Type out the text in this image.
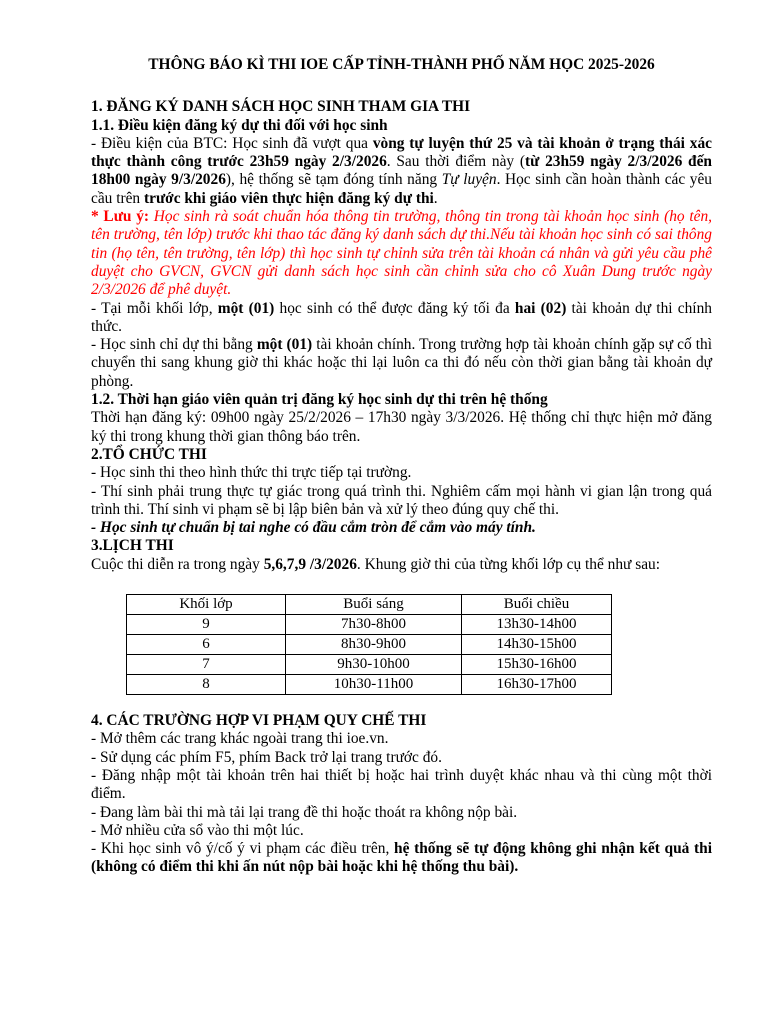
THÔNG BÁO KÌ THI IOE CẤP TỈNH-THÀNH PHỐ NĂM HỌC 2025-2026
1. ĐĂNG KÝ DANH SÁCH HỌC SINH THAM GIA THI
1.1. Điều kiện đăng ký dự thi đối với học sinh

- Điều kiện của BTC: Học sinh đã vượt qua vòng tự luyện thứ 25 và tài khoản ở trạng thái xác thực thành công trước 23h59 ngày 2/3/2026. Sau thời điểm này (từ 23h59 ngày 2/3/2026 đến 18h00 ngày 9/3/2026), hệ thống sẽ tạm đóng tính năng Tự luyện. Học sinh cần hoàn thành các yêu cầu trên trước khi giáo viên thực hiện đăng ký dự thi.

* Lưu ý: Học sinh rà soát chuẩn hóa thông tin trường, thông tin trong tài khoản học sinh (họ tên, tên trường, tên lớp) trước khi thao tác đăng ký danh sách dự thi.Nếu tài khoản học sinh có sai thông tin (họ tên, tên trường, tên lớp) thì học sinh tự chỉnh sửa trên tài khoản cá nhân và gửi yêu cầu phê duyệt cho GVCN, GVCN gửi danh sách học sinh cần chỉnh sửa cho cô Xuân Dung trước ngày 2/3/2026 để phê duyệt.

- Tại mỗi khối lớp, một (01) học sinh có thể được đăng ký tối đa hai (02) tài khoản dự thi chính thức.

- Học sinh chỉ dự thi bằng một (01) tài khoản chính. Trong trường hợp tài khoản chính gặp sự cố thì chuyển thi sang khung giờ thi khác hoặc thi lại luôn ca thi đó nếu còn thời gian bằng tài khoản dự phòng.

1.2. Thời hạn giáo viên quản trị đăng ký học sinh dự thi trên hệ thống

Thời hạn đăng ký: 09h00 ngày 25/2/2026 – 17h30 ngày 3/3/2026. Hệ thống chỉ thực hiện mở đăng ký thi trong khung thời gian thông báo trên.

2.TỔ CHỨC THI

- Học sinh thi theo hình thức thi trực tiếp tại trường.

- Thí sinh phải trung thực tự giác trong quá trình thi. Nghiêm cấm mọi hành vi gian lận trong quá trình thi. Thí sinh vi phạm sẽ bị lập biên bản và xử lý theo đúng quy chế thi.

- Học sinh tự chuẩn bị tai nghe có đầu cắm tròn để cắm vào máy tính.

3.LỊCH THI

Cuộc thi diễn ra trong ngày 5,6,7,9 /3/2026. Khung giờ thi của từng khối lớp cụ thể như sau:

Khối lớp	Buổi sáng	Buổi chiều
9	7h30-8h00	13h30-14h00
6	8h30-9h00	14h30-15h00
7	9h30-10h00	15h30-16h00
8	10h30-11h00	16h30-17h00
4. CÁC TRƯỜNG HỢP VI PHẠM QUY CHẾ THI

- Mở thêm các trang khác ngoài trang thi ioe.vn.

- Sử dụng các phím F5, phím Back trở lại trang trước đó.

- Đăng nhập một tài khoản trên hai thiết bị hoặc hai trình duyệt khác nhau và thi cùng một thời điểm.

- Đang làm bài thi mà tải lại trang đề thi hoặc thoát ra không nộp bài.

- Mở nhiều cửa sổ vào thi một lúc.

- Khi học sinh vô ý/cố ý vi phạm các điều trên, hệ thống sẽ tự động không ghi nhận kết quả thi (không có điểm thi khi ấn nút nộp bài hoặc khi hệ thống thu bài).
